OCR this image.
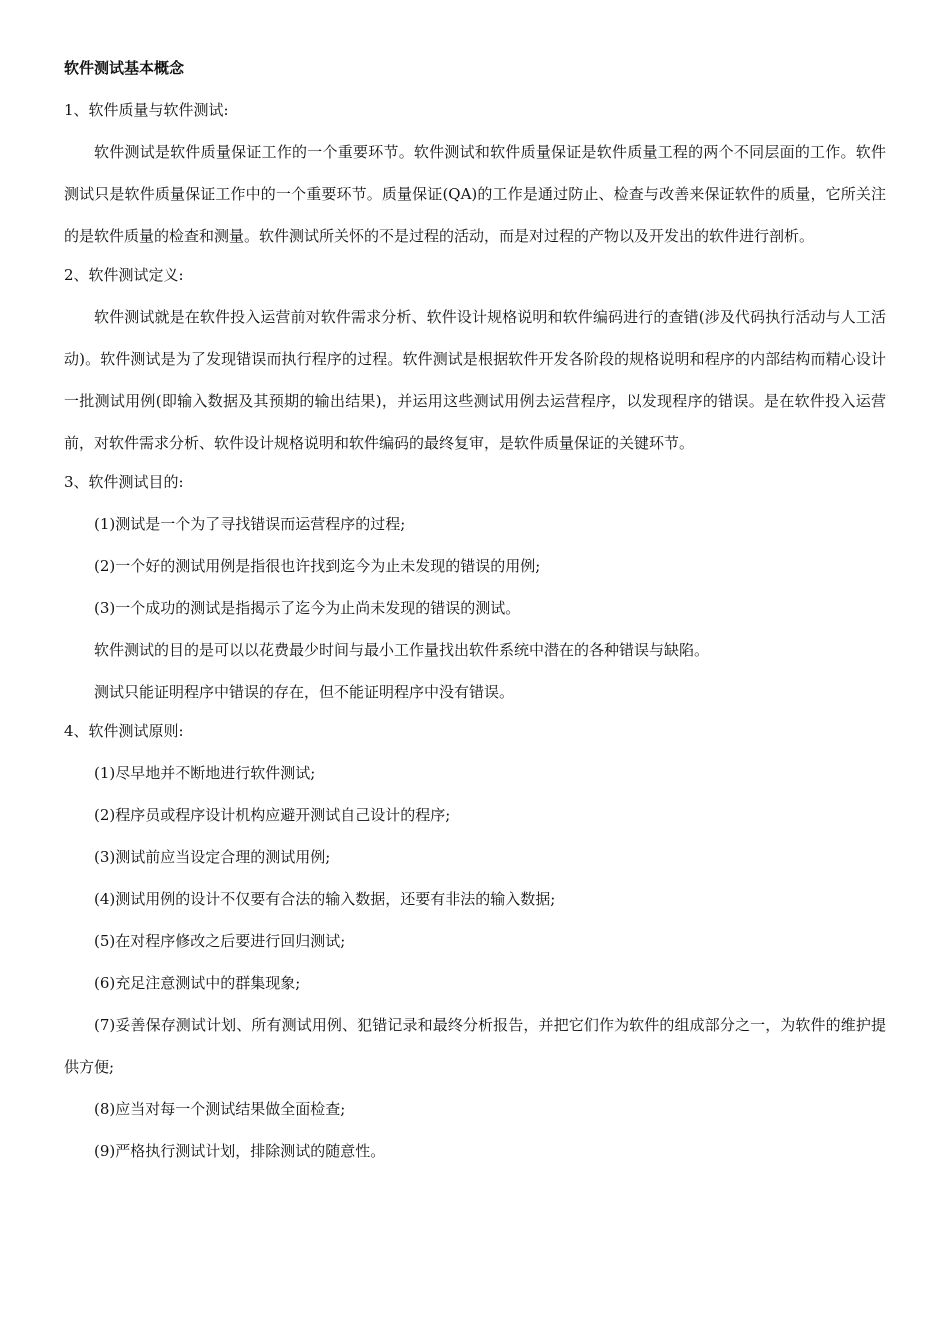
软件测试基本概念
1、软件质量与软件测试:

软件测试是软件质量保证工作的一个重要环节。软件测试和软件质量保证是软件质量工程的两个不同层面的工作。软件测试只是软件质量保证工作中的一个重要环节。质量保证(QA)的工作是通过防止、检查与改善来保证软件的质量，它所关注的是软件质量的检查和测量。软件测试所关怀的不是过程的活动，而是对过程的产物以及开发出的软件进行剖析。

2、软件测试定义:

软件测试就是在软件投入运营前对软件需求分析、软件设计规格说明和软件编码进行的查错(涉及代码执行活动与人工活动)。软件测试是为了发现错误而执行程序的过程。软件测试是根据软件开发各阶段的规格说明和程序的内部结构而精心设计一批测试用例(即输入数据及其预期的输出结果)，并运用这些测试用例去运营程序，以发现程序的错误。是在软件投入运营前，对软件需求分析、软件设计规格说明和软件编码的最终复审，是软件质量保证的关键环节。

3、软件测试目的:

(1)测试是一个为了寻找错误而运营程序的过程;

(2)一个好的测试用例是指很也许找到迄今为止未发现的错误的用例;

(3)一个成功的测试是指揭示了迄今为止尚未发现的错误的测试。

软件测试的目的是可以以花费最少时间与最小工作量找出软件系统中潜在的各种错误与缺陷。

测试只能证明程序中错误的存在，但不能证明程序中没有错误。

4、软件测试原则:

(1)尽早地并不断地进行软件测试;

(2)程序员或程序设计机构应避开测试自己设计的程序;

(3)测试前应当设定合理的测试用例;

(4)测试用例的设计不仅要有合法的输入数据，还要有非法的输入数据;

(5)在对程序修改之后要进行回归测试;

(6)充足注意测试中的群集现象;

(7)妥善保存测试计划、所有测试用例、犯错记录和最终分析报告，并把它们作为软件的组成部分之一，为软件的维护提供方便;

(8)应当对每一个测试结果做全面检查;

(9)严格执行测试计划，排除测试的随意性。
